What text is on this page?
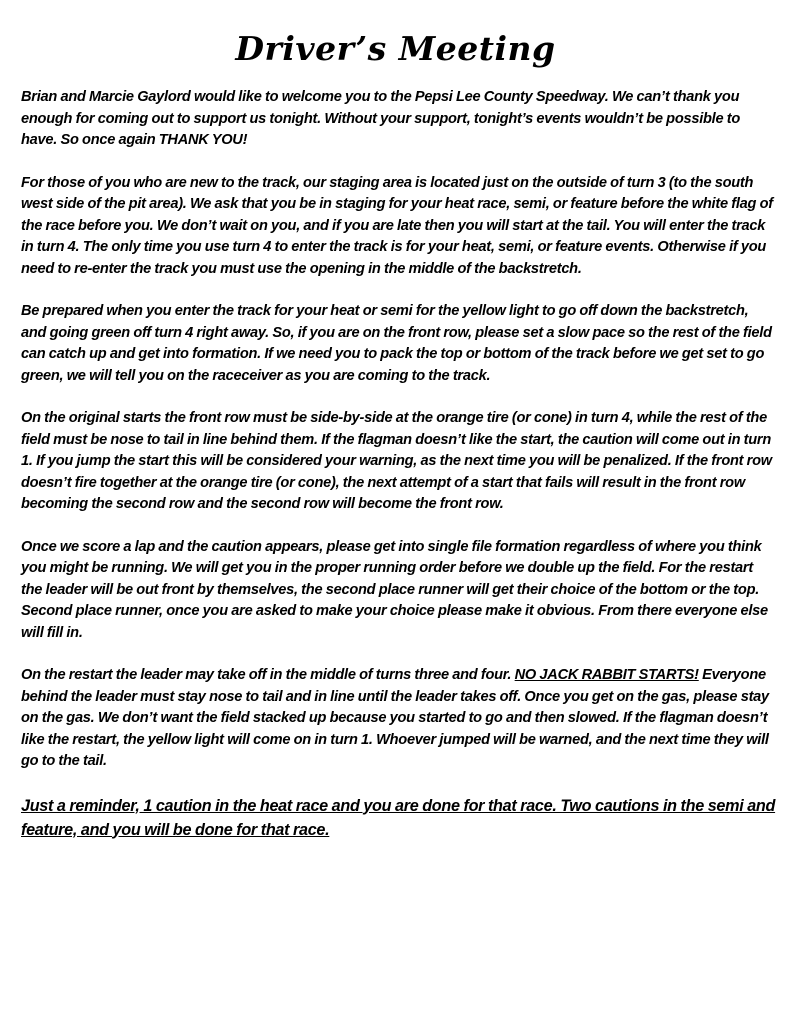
Driver’s Meeting

Brian and Marcie Gaylord would like to welcome you to the Pepsi Lee County Speedway. We can’t thank you enough for coming out to support us tonight. Without your support, tonight’s events wouldn’t be possible to have. So once again THANK YOU!

For those of you who are new to the track, our staging area is located just on the outside of turn 3 (to the south west side of the pit area). We ask that you be in staging for your heat race, semi, or feature before the white flag of the race before you. We don’t wait on you, and if you are late then you will start at the tail. You will enter the track in turn 4. The only time you use turn 4 to enter the track is for your heat, semi, or feature events. Otherwise if you need to re-enter the track you must use the opening in the middle of the backstretch.

Be prepared when you enter the track for your heat or semi for the yellow light to go off down the backstretch, and going green off turn 4 right away. So, if you are on the front row, please set a slow pace so the rest of the field can catch up and get into formation. If we need you to pack the top or bottom of the track before we get set to go green, we will tell you on the raceceiver as you are coming to the track.

On the original starts the front row must be side-by-side at the orange tire (or cone) in turn 4, while the rest of the field must be nose to tail in line behind them. If the flagman doesn’t like the start, the caution will come out in turn 1. If you jump the start this will be considered your warning, as the next time you will be penalized. If the front row doesn’t fire together at the orange tire (or cone), the next attempt of a start that fails will result in the front row becoming the second row and the second row will become the front row.

Once we score a lap and the caution appears, please get into single file formation regardless of where you think you might be running. We will get you in the proper running order before we double up the field. For the restart the leader will be out front by themselves, the second place runner will get their choice of the bottom or the top. Second place runner, once you are asked to make your choice please make it obvious. From there everyone else will fill in.

On the restart the leader may take off in the middle of turns three and four. NO JACK RABBIT STARTS! Everyone behind the leader must stay nose to tail and in line until the leader takes off. Once you get on the gas, please stay on the gas. We don’t want the field stacked up because you started to go and then slowed. If the flagman doesn’t like the restart, the yellow light will come on in turn 1. Whoever jumped will be warned, and the next time they will go to the tail.

Just a reminder, 1 caution in the heat race and you are done for that race. Two cautions in the semi and feature, and you will be done for that race.
